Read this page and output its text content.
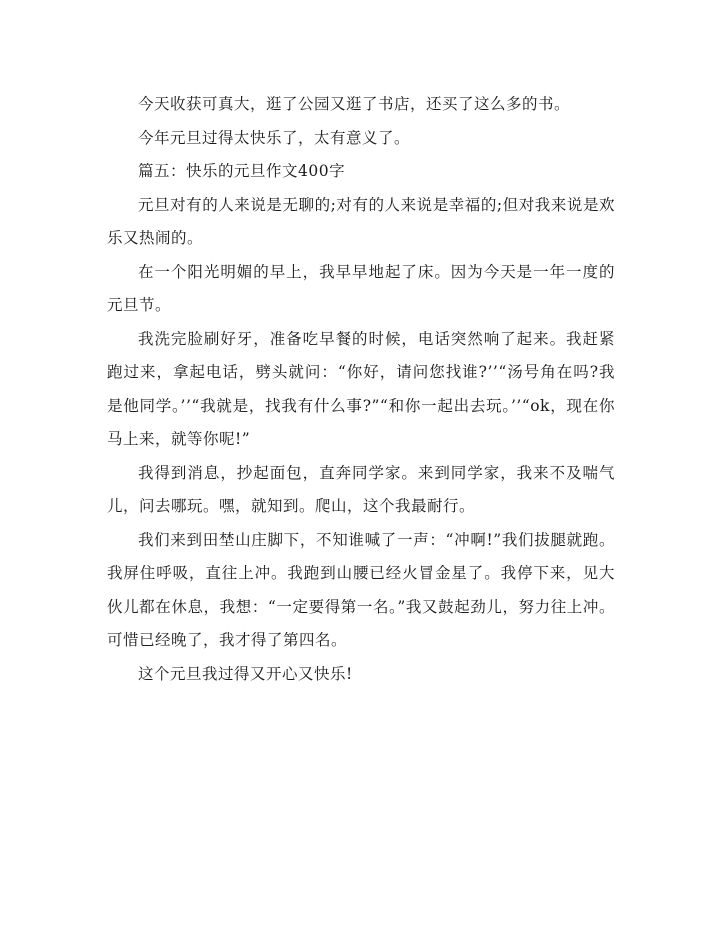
今天收获可真大，逛了公园又逛了书店，还买了这么多的书。

今年元旦过得太快乐了，太有意义了。

篇五：快乐的元旦作文400字

元旦对有的人来说是无聊的;对有的人来说是幸福的;但对我来说是欢乐又热闹的。

在一个阳光明媚的早上，我早早地起了床。因为今天是一年一度的元旦节。

我洗完脸刷好牙，准备吃早餐的时候，电话突然响了起来。我赶紧跑过来，拿起电话，劈头就问：“你好，请问您找谁?’’“汤号角在吗?我是他同学。’’“我就是，找我有什么事?”“和你一起出去玩。’’“ok，现在你马上来，就等你呢!”

我得到消息，抄起面包，直奔同学家。来到同学家，我来不及喘气儿，问去哪玩。嘿，就知到。爬山，这个我最耐行。

我们来到田埜山庄脚下，不知谁喊了一声：“冲啊!”我们拔腿就跑。我屏住呼吸，直往上冲。我跑到山腰已经火冒金星了。我停下来，见大伙儿都在休息，我想：“一定要得第一名。”我又鼓起劲儿，努力往上冲。可惜已经晚了，我才得了第四名。

这个元旦我过得又开心又快乐!
